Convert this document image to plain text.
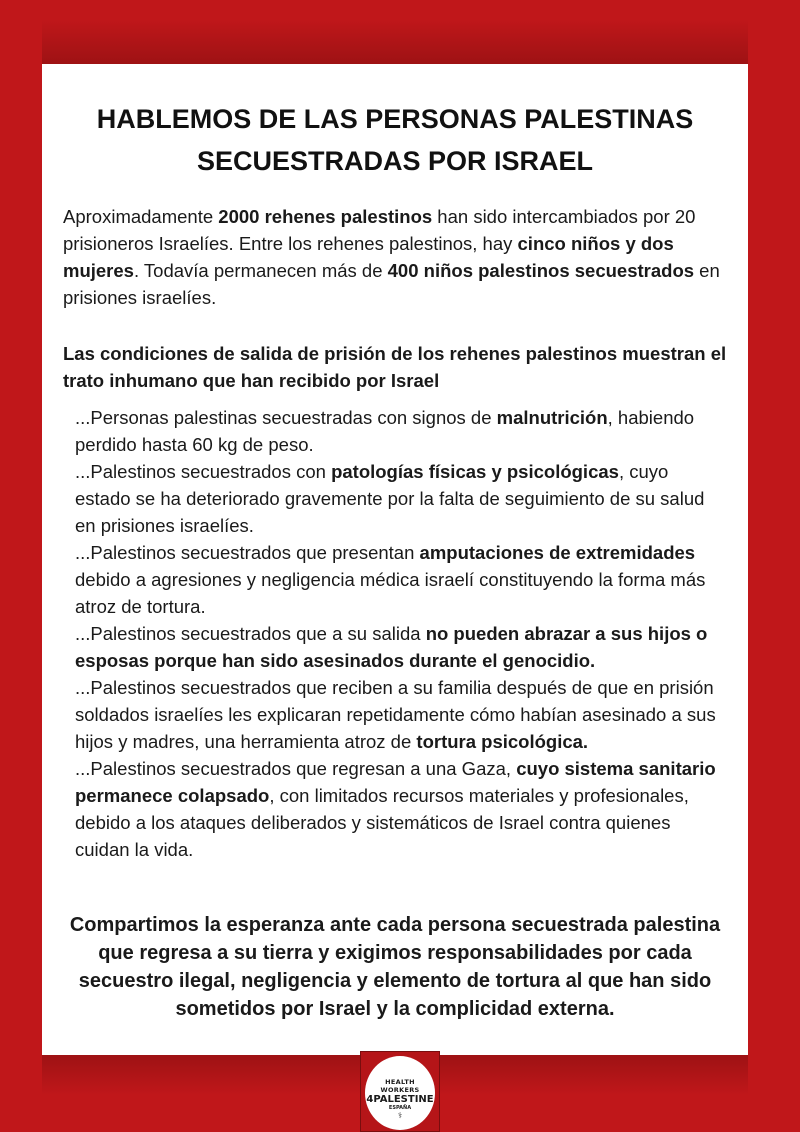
HABLEMOS DE LAS PERSONAS PALESTINAS SECUESTRADAS POR ISRAEL

Aproximadamente 2000 rehenes palestinos han sido intercambiados por 20 prisioneros Israelíes. Entre los rehenes palestinos, hay cinco niños y dos mujeres. Todavía permanecen más de 400 niños palestinos secuestrados en prisiones israelíes.

Las condiciones de salida de prisión de los rehenes palestinos muestran el trato inhumano que han recibido por Israel

...Personas palestinas secuestradas con signos de malnutrición, habiendo perdido hasta 60 kg de peso.
...Palestinos secuestrados con patologías físicas y psicológicas, cuyo estado se ha deteriorado gravemente por la falta de seguimiento de su salud en prisiones israelíes.
...Palestinos secuestrados que presentan amputaciones de extremidades debido a agresiones y negligencia médica israelí constituyendo la forma más atroz de tortura.
...Palestinos secuestrados que a su salida no pueden abrazar a sus hijos o esposas porque han sido asesinados durante el genocidio.
...Palestinos secuestrados que reciben a su familia después de que en prisión soldados israelíes les explicaran repetidamente cómo habían asesinado a sus hijos y madres, una herramienta atroz de tortura psicológica.
...Palestinos secuestrados que regresan a una Gaza, cuyo sistema sanitario permanece colapsado, con limitados recursos materiales y profesionales, debido a los ataques deliberados y sistemáticos de Israel contra quienes cuidan la vida.

Compartimos la esperanza ante cada persona secuestrada palestina que regresa a su tierra y exigimos responsabilidades por cada secuestro ilegal, negligencia y elemento de tortura al que han sido sometidos por Israel y la complicidad externa.

HEALTH WORKERS
4PALESTINE
ESPAÑA
⚕
